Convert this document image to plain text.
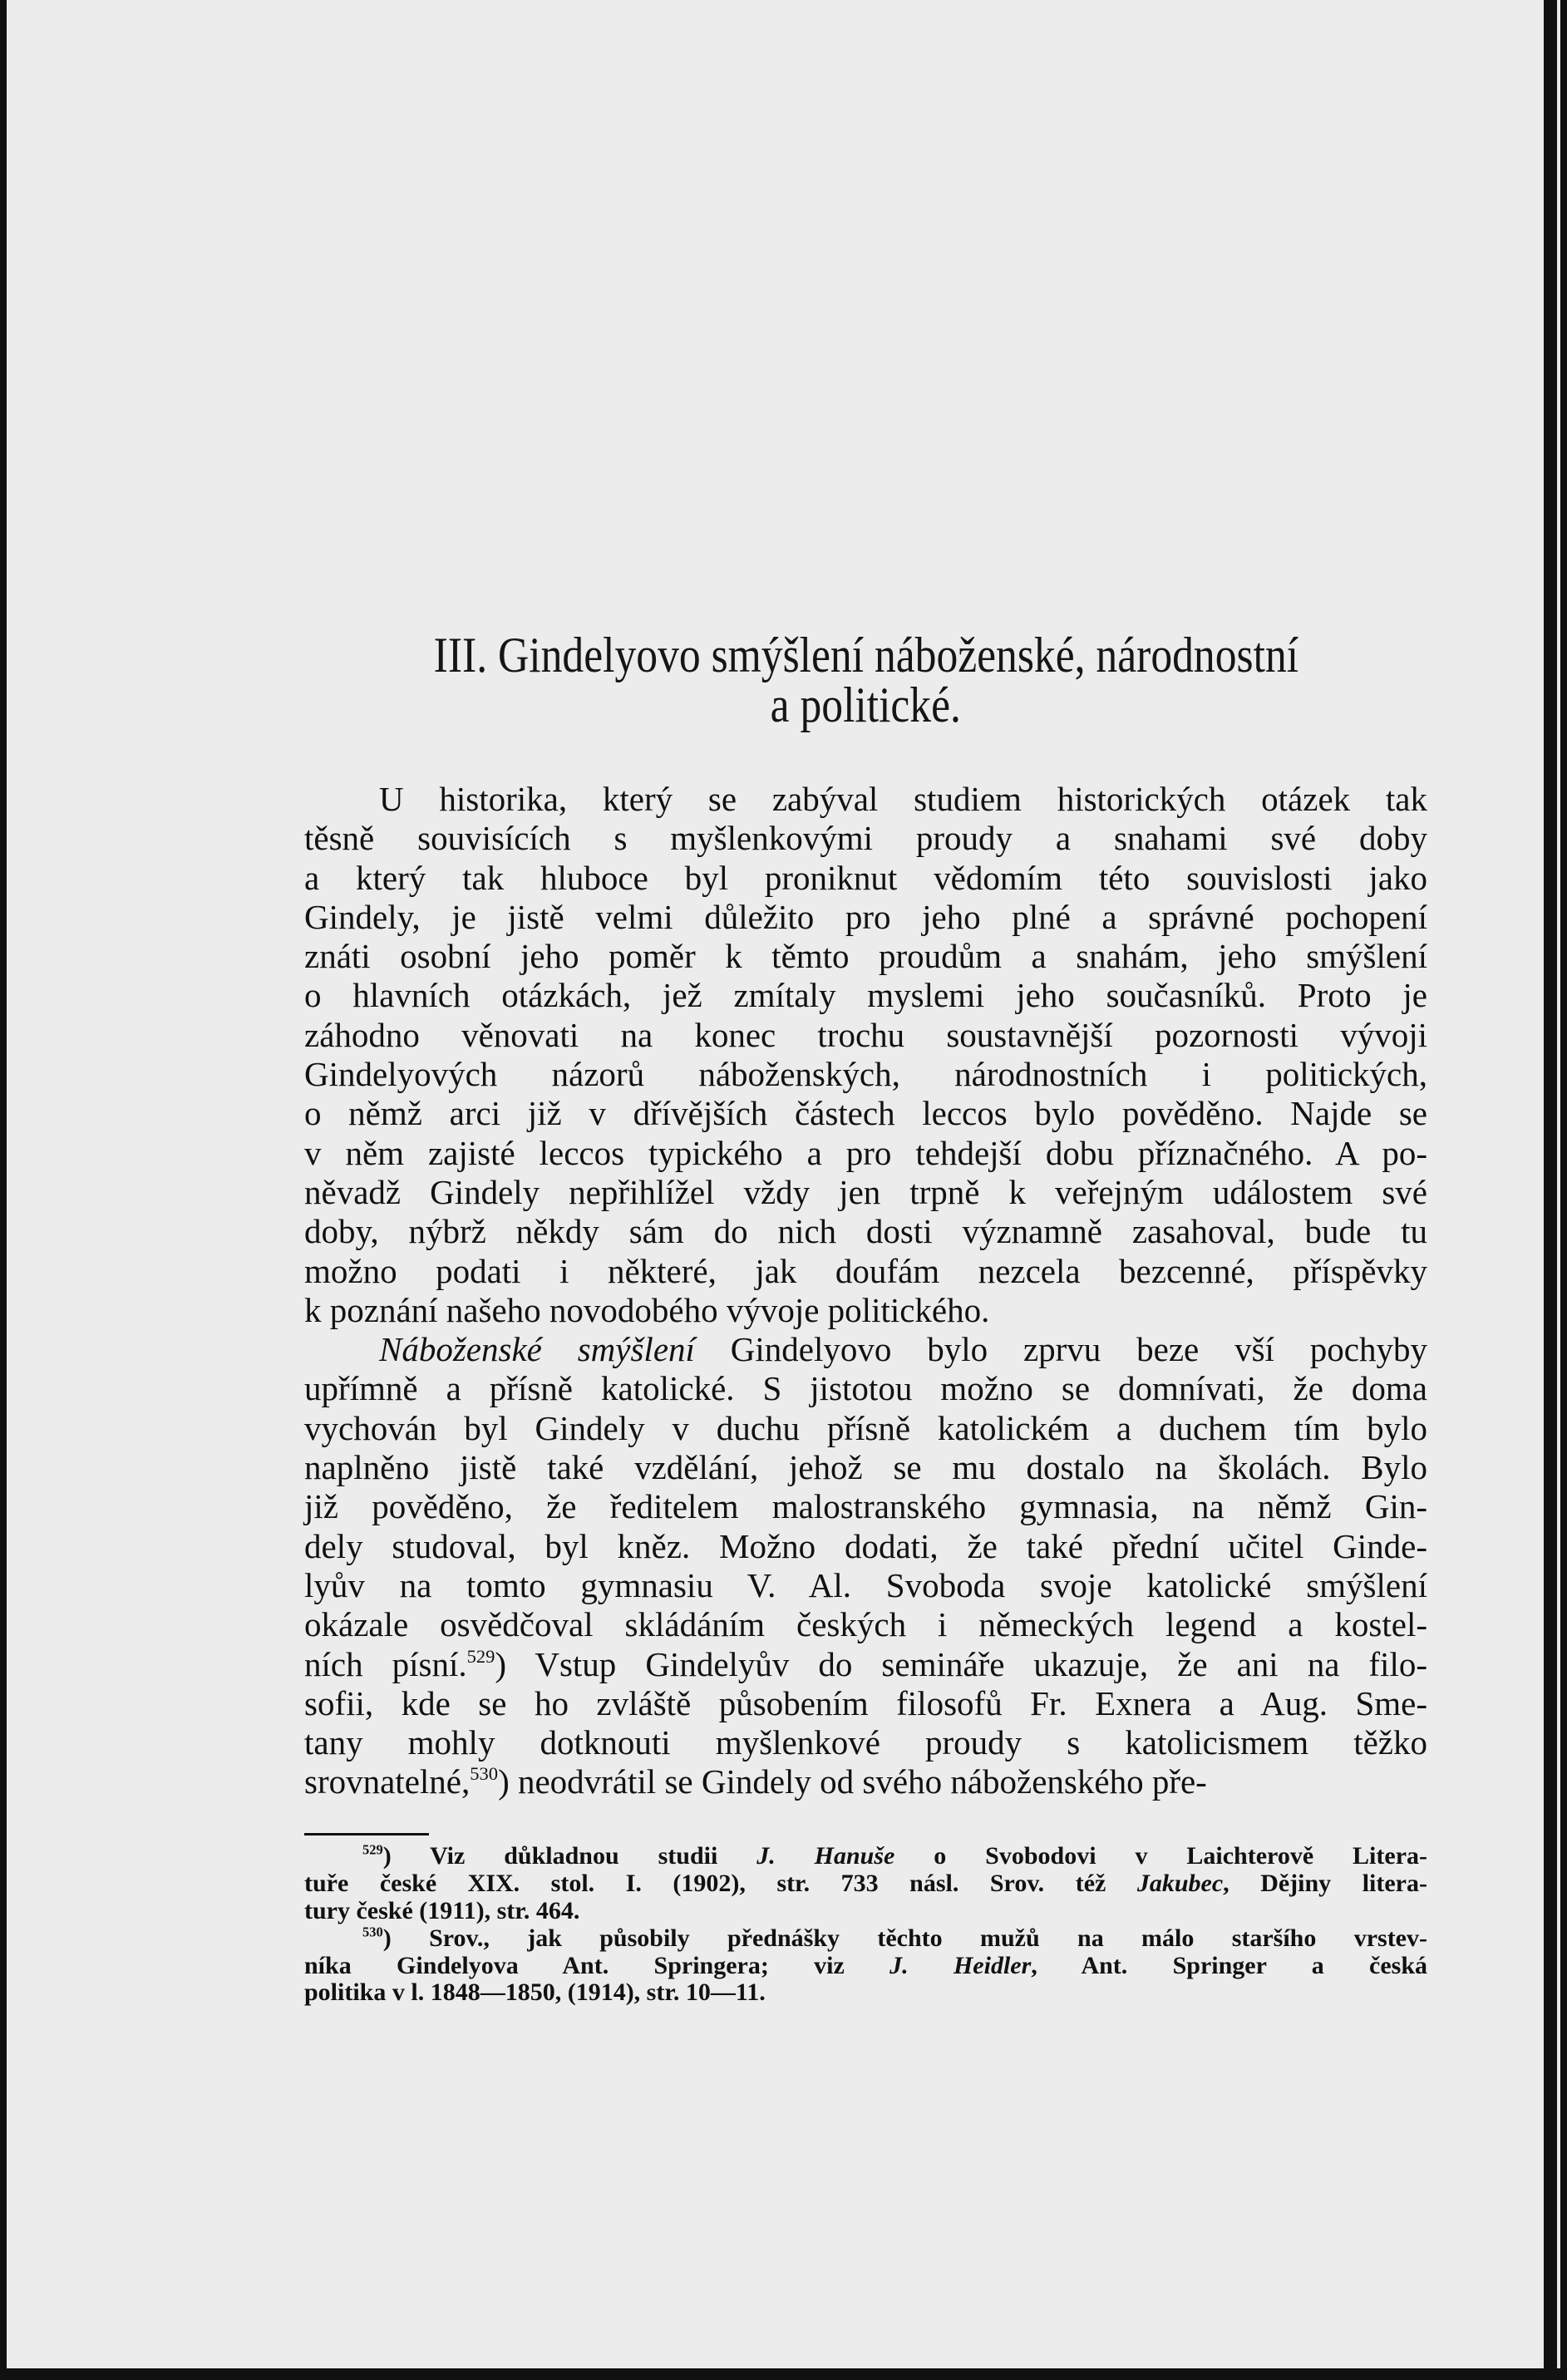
III. Gindelyovo smýšlení náboženské, národnostní
a politické.
U historika, který se zabýval studiem historických otázek tak
těsně souvisících s myšlenkovými proudy a snahami své doby
a který tak hluboce byl proniknut vědomím této souvislosti jako
Gindely, je jistě velmi důležito pro jeho plné a správné pochopení
znáti osobní jeho poměr k těmto proudům a snahám, jeho smýšlení
o hlavních otázkách, jež zmítaly myslemi jeho současníků. Proto je
záhodno věnovati na konec trochu soustavnější pozornosti vývoji
Gindelyových názorů náboženských, národnostních i politických,
o němž arci již v dřívějších částech leccos bylo pověděno. Najde se
v něm zajisté leccos typického a pro tehdejší dobu příznačného. A po-
něvadž Gindely nepřihlížel vždy jen trpně k veřejným událostem své
doby, nýbrž někdy sám do nich dosti významně zasahoval, bude tu
možno podati i některé, jak doufám nezcela bezcenné, příspěvky
k poznání našeho novodobého vývoje politického.
Náboženské smýšlení Gindelyovo bylo zprvu beze vší pochyby
upřímně a přísně katolické. S jistotou možno se domnívati, že doma
vychován byl Gindely v duchu přísně katolickém a duchem tím bylo
naplněno jistě také vzdělání, jehož se mu dostalo na školách. Bylo
již pověděno, že ředitelem malostranského gymnasia, na němž Gin-
dely studoval, byl kněz. Možno dodati, že také přední učitel Ginde-
lyův na tomto gymnasiu V. Al. Svoboda svoje katolické smýšlení
okázale osvědčoval skládáním českých i německých legend a kostel-
ních písní.$^{529}$) Vstup Gindelyův do semináře ukazuje, že ani na filo-
sofii, kde se ho zvláště působením filosofů Fr. Exnera a Aug. Sme-
tany mohly dotknouti myšlenkové proudy s katolicismem těžko
srovnatelné,$^{530}$) neodvrátil se Gindely od svého náboženského pře-
$^{529}$) Viz důkladnou studii J. Hanuše o Svobodovi v Laichterově Litera-
tuře české XIX. stol. I. (1902), str. 733 násl. Srov. též Jakubec, Dějiny litera-
tury české (1911), str. 464.
$^{530}$) Srov., jak působily přednášky těchto mužů na málo staršího vrstev-
níka Gindelyova Ant. Springera; viz J. Heidler, Ant. Springer a česká
politika v l. 1848—1850, (1914), str. 10—11.
